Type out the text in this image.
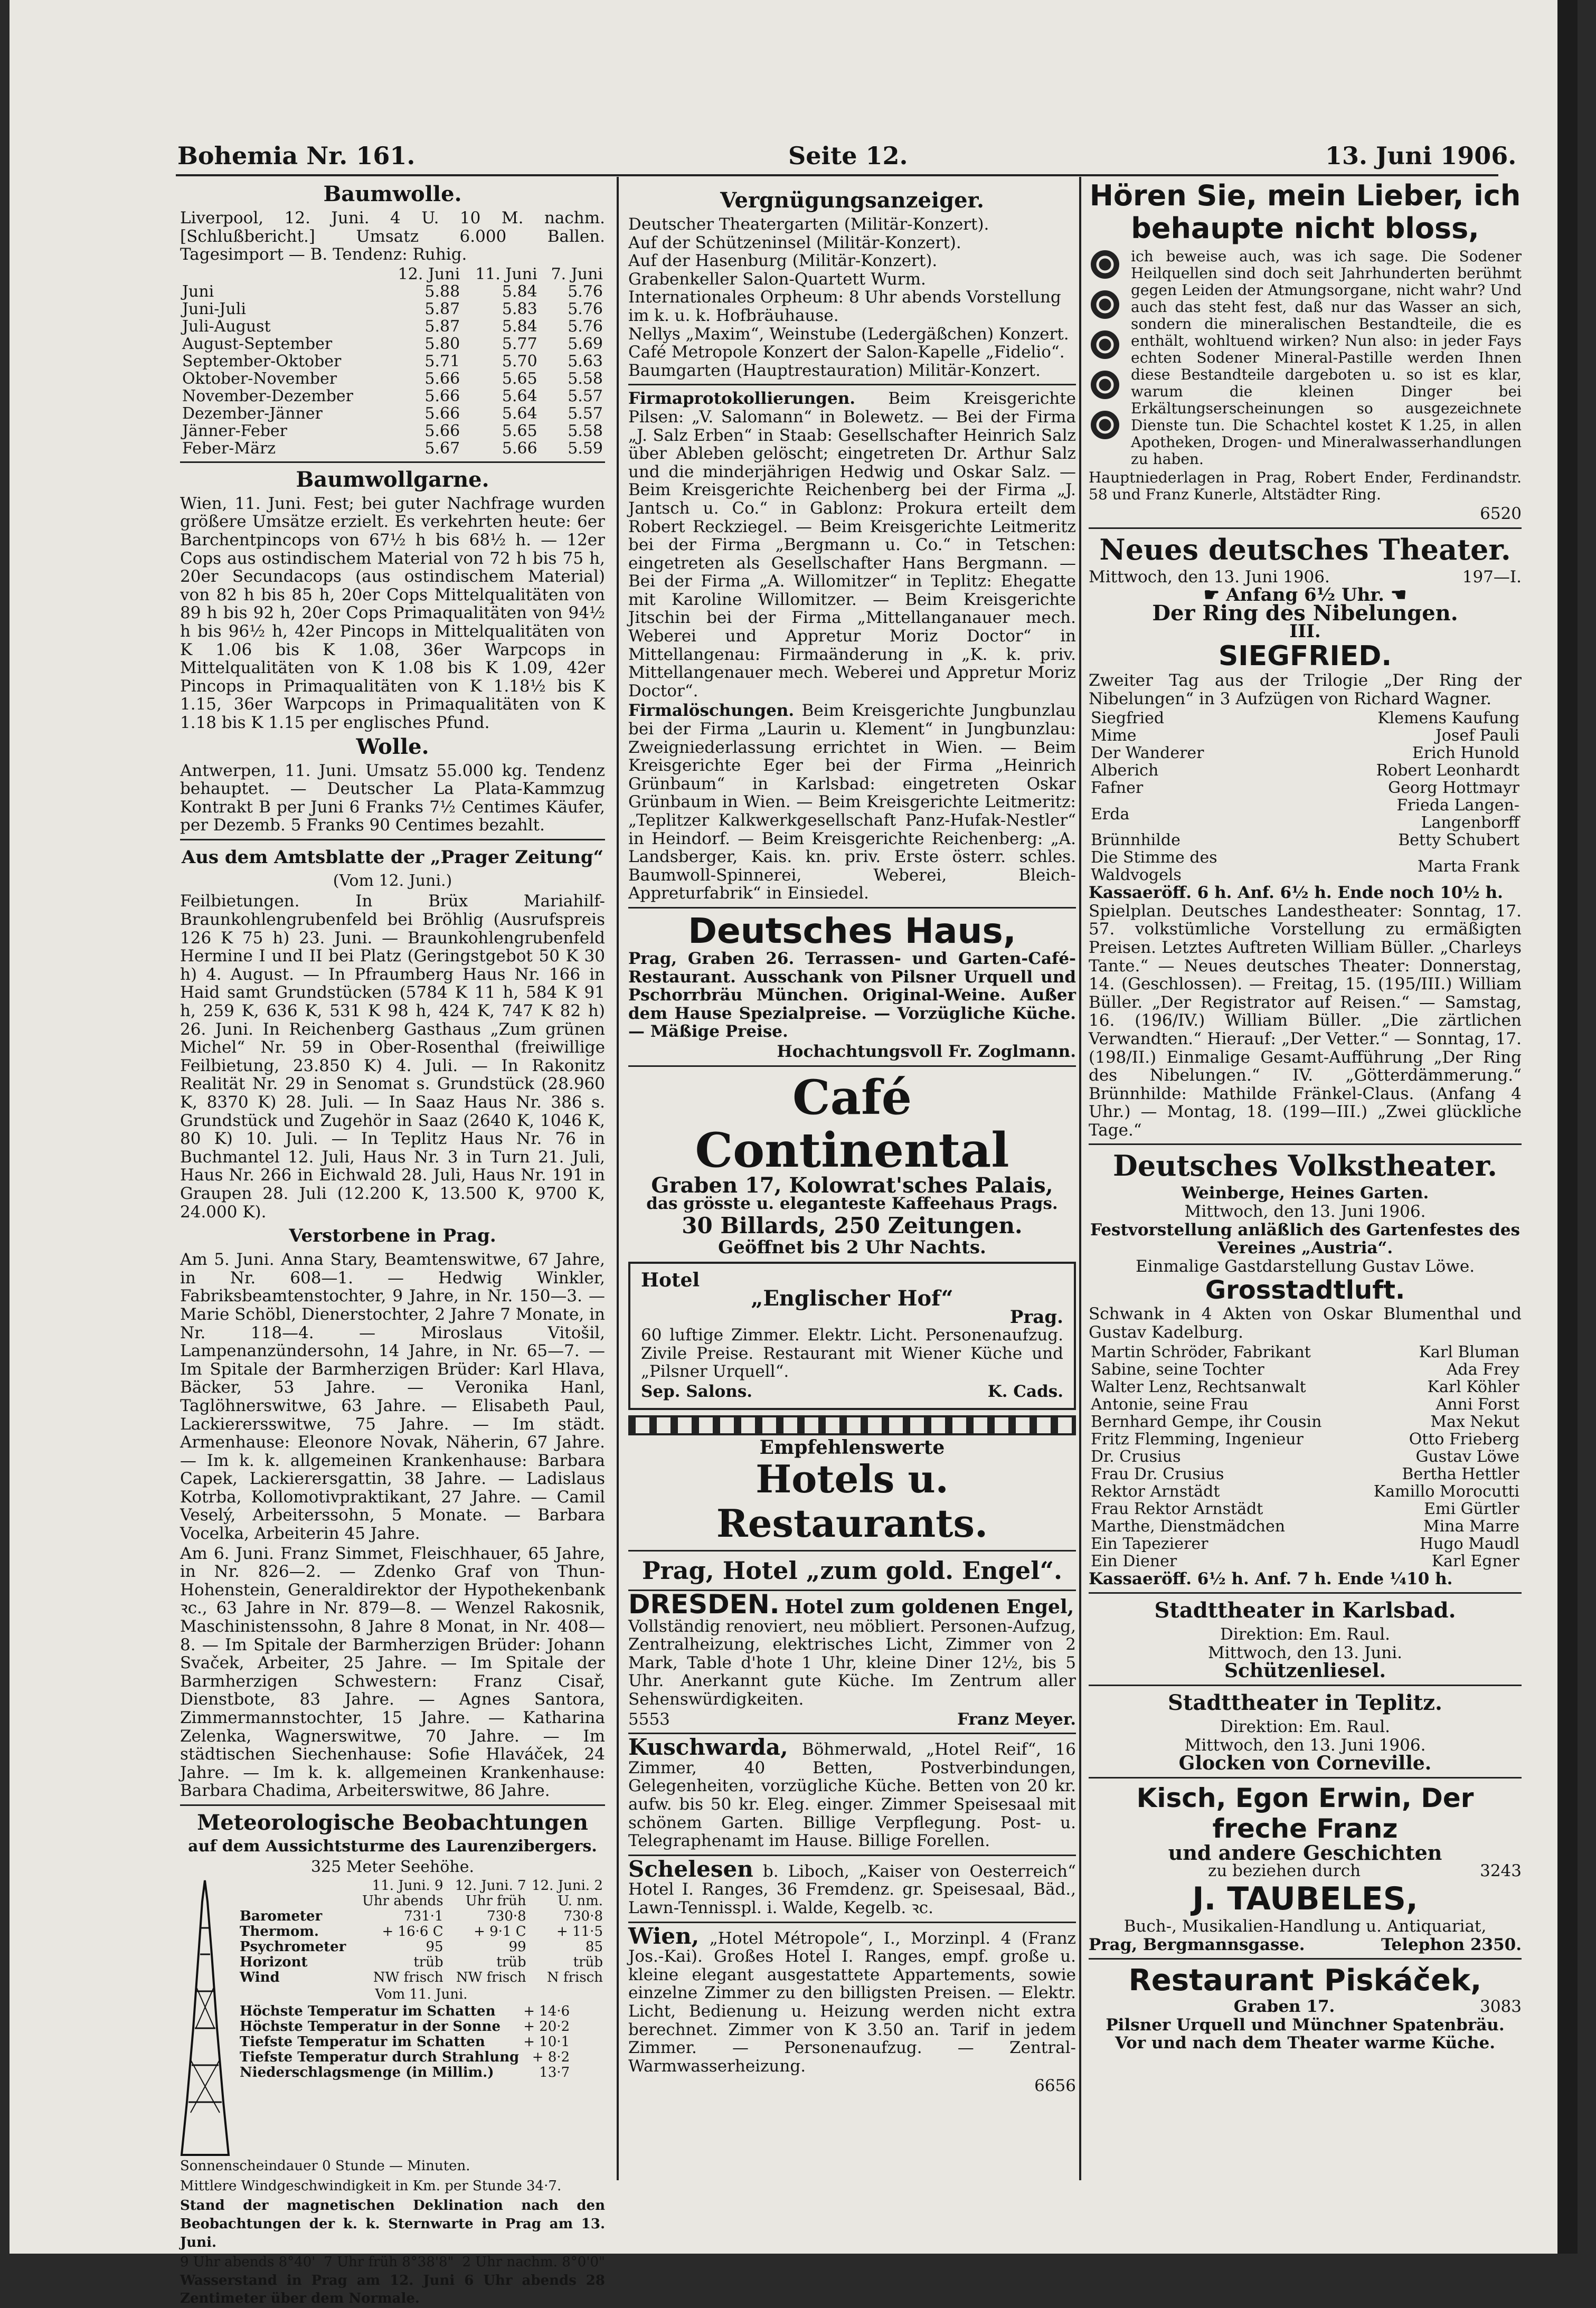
Bohemia Nr. 161.	Seite 12.	13. Juni 1906.
Baumwolle.

Liverpool, 12. Juni. 4 U. 10 M. nachm. [Schlußbericht.] Umsatz 6.000 Ballen. Tagesimport — B. Tendenz: Ruhig.

	12. Juni	11. Juni	7. Juni
Juni	5.88	5.84	5.76
Juni-Juli	5.87	5.83	5.76
Juli-August	5.87	5.84	5.76
August-September	5.80	5.77	5.69
September-Oktober	5.71	5.70	5.63
Oktober-November	5.66	5.65	5.58
November-Dezember	5.66	5.64	5.57
Dezember-Jänner	5.66	5.64	5.57
Jänner-Feber	5.66	5.65	5.58
Feber-März	5.67	5.66	5.59
Baumwollgarne.

Wien, 11. Juni. Fest; bei guter Nachfrage wurden größere Umsätze erzielt. Es verkehrten heute: 6er Barchentpincops von 67½ h bis 68½ h. — 12er Cops aus ostindischem Material von 72 h bis 75 h, 20er Secundacops (aus ostindischem Material) von 82 h bis 85 h, 20er Cops Mittelqualitäten von 89 h bis 92 h, 20er Cops Primaqualitäten von 94½ h bis 96½ h, 42er Pincops in Mittelqualitäten von K 1.06 bis K 1.08, 36er Warpcops in Mittelqualitäten von K 1.08 bis K 1.09, 42er Pincops in Primaqualitäten von K 1.18½ bis K 1.15, 36er Warpcops in Primaqualitäten von K 1.18 bis K 1.15 per englisches Pfund.

Wolle.

Antwerpen, 11. Juni. Umsatz 55.000 kg. Tendenz behauptet. — Deutscher La Plata-Kammzug Kontrakt B per Juni 6 Franks 7½ Centimes Käufer, per Dezemb. 5 Franks 90 Centimes bezahlt.

Aus dem Amtsblatte der „Prager Zeitung“
(Vom 12. Juni.)

Feilbietungen. In Brüx Mariahilf-Braunkohlengrubenfeld bei Bröhlig (Ausrufspreis 126 K 75 h) 23. Juni. — Braunkohlengrubenfeld Hermine I und II bei Platz (Geringstgebot 50 K 30 h) 4. August. — In Pfraumberg Haus Nr. 166 in Haid samt Grundstücken (5784 K 11 h, 584 K 91 h, 259 K, 636 K, 531 K 98 h, 424 K, 747 K 82 h) 26. Juni. In Reichenberg Gasthaus „Zum grünen Michel“ Nr. 59 in Ober-Rosenthal (freiwillige Feilbietung, 23.850 K) 4. Juli. — In Rakonitz Realität Nr. 29 in Senomat s. Grundstück (28.960 K, 8370 K) 28. Juli. — In Saaz Haus Nr. 386 s. Grundstück und Zugehör in Saaz (2640 K, 1046 K, 80 K) 10. Juli. — In Teplitz Haus Nr. 76 in Buchmantel 12. Juli, Haus Nr. 3 in Turn 21. Juli, Haus Nr. 266 in Eichwald 28. Juli, Haus Nr. 191 in Graupen 28. Juli (12.200 K, 13.500 K, 9700 K, 24.000 K).

Verstorbene in Prag.

Am 5. Juni. Anna Stary, Beamtenswitwe, 67 Jahre, in Nr. 608—1. — Hedwig Winkler, Fabriksbeamtenstochter, 9 Jahre, in Nr. 150—3. — Marie Schöbl, Dienerstochter, 2 Jahre 7 Monate, in Nr. 118—4. — Miroslaus Vitošil, Lampenanzündersohn, 14 Jahre, in Nr. 65—7. — Im Spitale der Barmherzigen Brüder: Karl Hlava, Bäcker, 53 Jahre. — Veronika Hanl, Taglöhnerswitwe, 63 Jahre. — Elisabeth Paul, Lackierersswitwe, 75 Jahre. — Im städt. Armenhause: Eleonore Novak, Näherin, 67 Jahre. — Im k. k. allgemeinen Krankenhause: Barbara Capek, Lackierersgattin, 38 Jahre. — Ladislaus Kotrba, Kollomotivpraktikant, 27 Jahre. — Camil Veselý, Arbeiterssohn, 5 Monate. — Barbara Vocelka, Arbeiterin 45 Jahre.

Am 6. Juni. Franz Simmet, Fleischhauer, 65 Jahre, in Nr. 826—2. — Zdenko Graf von Thun-Hohenstein, Generaldirektor der Hypothekenbank ꝛc., 63 Jahre in Nr. 879—8. — Wenzel Rakosnik, Maschinistenssohn, 8 Jahre 8 Monat, in Nr. 408—8. — Im Spitale der Barmherzigen Brüder: Johann Svaček, Arbeiter, 25 Jahre. — Im Spitale der Barmherzigen Schwestern: Franz Cisař, Dienstbote, 83 Jahre. — Agnes Santora, Zimmermannstochter, 15 Jahre. — Katharina Zelenka, Wagnerswitwe, 70 Jahre. — Im städtischen Siechenhause: Sofie Hlaváček, 24 Jahre. — Im k. k. allgemeinen Krankenhause: Barbara Chadima, Arbeiterswitwe, 86 Jahre.

Meteorologische Beobachtungen
auf dem Aussichtsturme des Laurenzibergers.
325 Meter Seehöhe.
	11. Juni. 9 Uhr abends	12. Juni. 7 Uhr früh	12. Juni. 2 U. nm.
Barometer	731·1	730·8	730·8
Thermom.	+ 16·6 C	+ 9·1 C	+ 11·5
Psychrometer	95	99	85
Horizont	trüb	trüb	trüb
Wind	NW frisch	NW frisch	N frisch
Vom 11. Juni.
Höchste Temperatur im Schatten	+ 14·6
Höchste Temperatur in der Sonne	+ 20·2
Tiefste Temperatur im Schatten	+ 10·1
Tiefste Temperatur durch Strahlung	+ 8·2
Niederschlagsmenge (in Millim.)	13·7

Sonnenscheindauer 0 Stunde — Minuten.

Mittlere Windgeschwindigkeit in Km. per Stunde 34·7.

Stand der magnetischen Deklination nach den Beobachtungen der k. k. Sternwarte in Prag am 13. Juni.

9 Uhr abends 8°40' 7 Uhr früh 8°38'8" 2 Uhr nachm. 8°0'0"

Wasserstand in Prag am 12. Juni 6 Uhr abends 28 Zentimeter über dem Normale.

Vergnügungsanzeiger.
Deutscher Theatergarten (Militär-Konzert).
Auf der Schützeninsel (Militär-Konzert).
Auf der Hasenburg (Militär-Konzert).
Grabenkeller Salon-Quartett Wurm.
Internationales Orpheum: 8 Uhr abends Vorstellung im k. u. k. Hofbräuhause.
Nellys „Maxim“, Weinstube (Ledergäßchen) Konzert.
Café Metropole Konzert der Salon-Kapelle „Fidelio“.
Baumgarten (Hauptrestauration) Militär-Konzert.

Firmaprotokollierungen. Beim Kreisgerichte Pilsen: „V. Salomann“ in Bolewetz. — Bei der Firma „J. Salz Erben“ in Staab: Gesellschafter Heinrich Salz über Ableben gelöscht; eingetreten Dr. Arthur Salz und die minderjährigen Hedwig und Oskar Salz. — Beim Kreisgerichte Reichenberg bei der Firma „J. Jantsch u. Co.“ in Gablonz: Prokura erteilt dem Robert Reckziegel. — Beim Kreisgerichte Leitmeritz bei der Firma „Bergmann u. Co.“ in Tetschen: eingetreten als Gesellschafter Hans Bergmann. — Bei der Firma „A. Willomitzer“ in Teplitz: Ehegatte mit Karoline Willomitzer. — Beim Kreisgerichte Jitschin bei der Firma „Mittellanganauer mech. Weberei und Appretur Moriz Doctor“ in Mittellangenau: Firmaänderung in „K. k. priv. Mittellangenauer mech. Weberei und Appretur Moriz Doctor“.

Firmalöschungen. Beim Kreisgerichte Jungbunzlau bei der Firma „Laurin u. Klement“ in Jungbunzlau: Zweigniederlassung errichtet in Wien. — Beim Kreisgerichte Eger bei der Firma „Heinrich Grünbaum“ in Karlsbad: eingetreten Oskar Grünbaum in Wien. — Beim Kreisgerichte Leitmeritz: „Teplitzer Kalkwerkgesellschaft Panz-Hufak-Nestler“ in Heindorf. — Beim Kreisgerichte Reichenberg: „A. Landsberger, Kais. kn. priv. Erste österr. schles. Baumwoll-Spinnerei, Weberei, Bleich- Appreturfabrik“ in Einsiedel.

Deutsches Haus,

Prag, Graben 26. Terrassen- und Garten-Café-Restaurant. Ausschank von Pilsner Urquell und Pschorrbräu München. Original-Weine. Außer dem Hause Spezialpreise. — Vorzügliche Küche. — Mäßige Preise.

Hochachtungsvoll Fr. Zoglmann.
Café Continental
Graben 17, Kolowrat'sches Palais,
das grösste u. eleganteste Kaffeehaus Prags.
30 Billards, 250 Zeitungen.
Geöffnet bis 2 Uhr Nachts.
Hotel
„Englischer Hof“
Prag.

60 luftige Zimmer. Elektr. Licht. Personenaufzug. Zivile Preise. Restaurant mit Wiener Küche und „Pilsner Urquell“.

Sep. Salons.	K. Cads.
Empfehlenswerte
Hotels u. Restaurants.
Prag, Hotel „zum gold. Engel“.
DRESDEN. Hotel zum goldenen Engel,

Vollständig renoviert, neu möbliert. Personen-Aufzug, Zentralheizung, elektrisches Licht, Zimmer von 2 Mark, Table d'hote 1 Uhr, kleine Diner 12½, bis 5 Uhr. Anerkannt gute Küche. Im Zentrum aller Sehenswürdigkeiten.

5553	Franz Meyer.

Kuschwarda, Böhmerwald, „Hotel Reif“, 16 Zimmer, 40 Betten, Postverbindungen, Gelegenheiten, vorzügliche Küche. Betten von 20 kr. aufw. bis 50 kr. Eleg. einger. Zimmer Speisesaal mit schönem Garten. Billige Verpflegung. Post- u. Telegraphenamt im Hause. Billige Forellen.

Schelesen b. Liboch, „Kaiser von Oesterreich“ Hotel I. Ranges, 36 Fremdenz. gr. Speisesaal, Bäd., Lawn-Tennisspl. i. Walde, Kegelb. ꝛc.

Wien, „Hotel Métropole“, I., Morzinpl. 4 (Franz Jos.-Kai). Großes Hotel I. Ranges, empf. große u. kleine elegant ausgestattete Appartements, sowie einzelne Zimmer zu den billigsten Preisen. — Elektr. Licht, Bedienung u. Heizung werden nicht extra berechnet. Zimmer von K 3.50 an. Tarif in jedem Zimmer. — Personenaufzug. — Zentral-Warmwasserheizung.

6656
Hören Sie, mein Lieber, ich behaupte nicht bloss,

ich beweise auch, was ich sage. Die Sodener Heilquellen sind doch seit Jahrhunderten berühmt gegen Leiden der Atmungsorgane, nicht wahr? Und auch das steht fest, daß nur das Wasser an sich, sondern die mineralischen Bestandteile, die es enthält, wohltuend wirken? Nun also: in jeder Fays echten Sodener Mineral-Pastille werden Ihnen diese Bestandteile dargeboten u. so ist es klar, warum die kleinen Dinger bei Erkältungserscheinungen so ausgezeichnete Dienste tun. Die Schachtel kostet K 1.25, in allen Apotheken, Drogen- und Mineralwasserhandlungen zu haben.

Hauptniederlagen in Prag, Robert Ender, Ferdinandstr. 58 und Franz Kunerle, Altstädter Ring.

6520
Neues deutsches Theater.
Mittwoch, den 13. Juni 1906.	197—I.
☛ Anfang 6½ Uhr. ☚
Der Ring des Nibelungen.
III.
SIEGFRIED.

Zweiter Tag aus der Trilogie „Der Ring der Nibelungen“ in 3 Aufzügen von Richard Wagner.

Siegfried	Klemens Kaufung
Mime	Josef Pauli
Der Wanderer	Erich Hunold
Alberich	Robert Leonhardt
Fafner	Georg Hottmayr
Erda	Frieda Langen-Langenborff
Brünnhilde	Betty Schubert
Die Stimme des Waldvogels	Marta Frank
Kassaeröff. 6 h. Anf. 6½ h. Ende noch 10½ h.

Spielplan. Deutsches Landestheater: Sonntag, 17. 57. volkstümliche Vorstellung zu ermäßigten Preisen. Letztes Auftreten William Büller. „Charleys Tante.“ — Neues deutsches Theater: Donnerstag, 14. (Geschlossen). — Freitag, 15. (195/III.) William Büller. „Der Registrator auf Reisen.“ — Samstag, 16. (196/IV.) William Büller. „Die zärtlichen Verwandten.“ Hierauf: „Der Vetter.“ — Sonntag, 17. (198/II.) Einmalige Gesamt-Aufführung „Der Ring des Nibelungen.“ IV. „Götterdämmerung.“ Brünnhilde: Mathilde Fränkel-Claus. (Anfang 4 Uhr.) — Montag, 18. (199—III.) „Zwei glückliche Tage.“

Deutsches Volkstheater.
Weinberge, Heines Garten.
Mittwoch, den 13. Juni 1906.
Festvorstellung anläßlich des Gartenfestes des Vereines „Austria“.
Einmalige Gastdarstellung Gustav Löwe.
Grosstadtluft.

Schwank in 4 Akten von Oskar Blumenthal und Gustav Kadelburg.

Martin Schröder, Fabrikant	Karl Bluman
Sabine, seine Tochter	Ada Frey
Walter Lenz, Rechtsanwalt	Karl Köhler
Antonie, seine Frau	Anni Forst
Bernhard Gempe, ihr Cousin	Max Nekut
Fritz Flemming, Ingenieur	Otto Frieberg
Dr. Crusius	Gustav Löwe
Frau Dr. Crusius	Bertha Hettler
Rektor Arnstädt	Kamillo Morocutti
Frau Rektor Arnstädt	Emi Gürtler
Marthe, Dienstmädchen	Mina Marre
Ein Tapezierer	Hugo Maudl
Ein Diener	Karl Egner
Kassaeröff. 6½ h. Anf. 7 h. Ende ¼10 h.
Stadttheater in Karlsbad.
Direktion: Em. Raul.
Mittwoch, den 13. Juni.
Schützenliesel.
Stadttheater in Teplitz.
Direktion: Em. Raul.
Mittwoch, den 13. Juni 1906.
Glocken von Corneville.
Kisch, Egon Erwin, Der freche Franz
und andere Geschichten
zu beziehen durch	3243
J. TAUBELES,
Buch-, Musikalien-Handlung u. Antiquariat,
Prag, Bergmannsgasse.	Telephon 2350.
Restaurant Piskáček,
Graben 17.	3083
Pilsner Urquell und Münchner Spatenbräu. Vor und nach dem Theater warme Küche.
